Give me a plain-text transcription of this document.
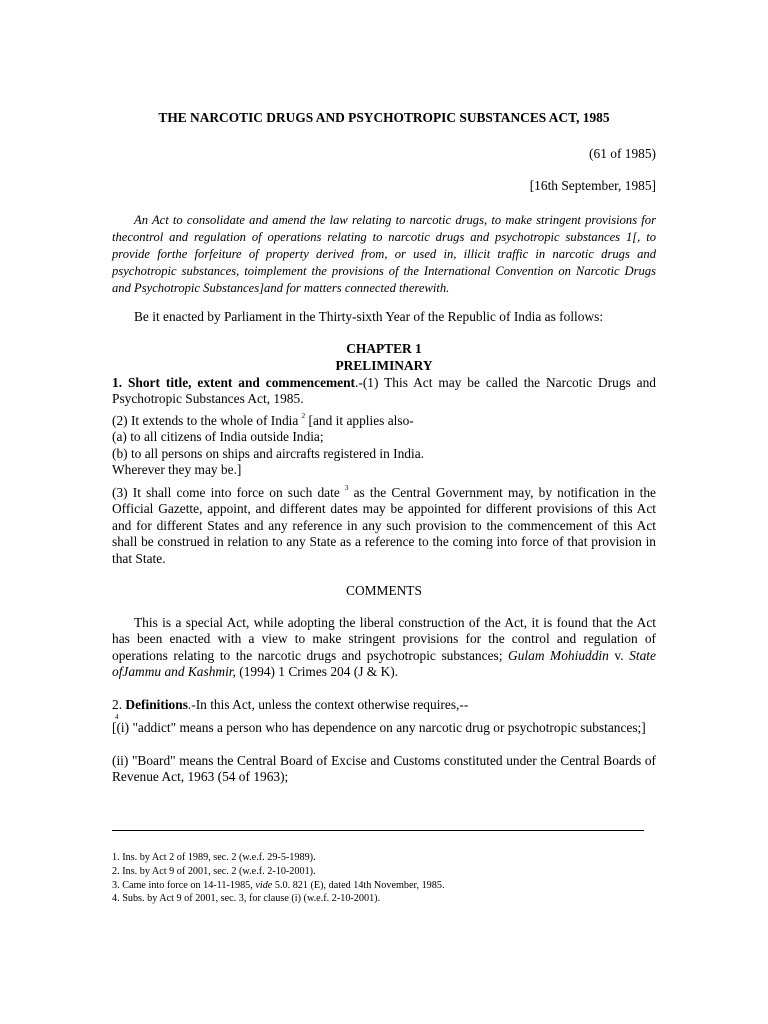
THE NARCOTIC DRUGS AND PSYCHOTROPIC SUBSTANCES ACT, 1985
(61 of 1985)
[16th September, 1985]
An Act to consolidate and amend the law relating to narcotic drugs, to make stringent provisions for thecontrol and regulation of operations relating to narcotic drugs and psychotropic substances 1[, to provide forthe forfeiture of property derived from, or used in, illicit traffic in narcotic drugs and psychotropic substances, toimplement the provisions of the International Convention on Narcotic Drugs and Psychotropic Substances]and for matters connected therewith.
Be it enacted by Parliament in the Thirty-sixth Year of the Republic of India as follows:
CHAPTER 1
PRELIMINARY
1. Short title, extent and commencement.-(1) This Act may be called the Narcotic Drugs and Psychotropic Substances Act, 1985.
(2) It extends to the whole of India $^2$ [and it applies also-
(a) to all citizens of India outside India;
(b) to all persons on ships and aircrafts registered in India.
Wherever they may be.]
(3) It shall come into force on such date $^3$ as the Central Government may, by notification in the Official Gazette, appoint, and different dates may be appointed for different provisions of this Act and for different States and any reference in any such provision to the commencement of this Act shall be construed in relation to any State as a reference to the coming into force of that provision in that State.
COMMENTS
This is a special Act, while adopting the liberal construction of the Act, it is found that the Act has been enacted with a view to make stringent provisions for the control and regulation of operations relating to the narcotic drugs and psychotropic substances; Gulam Mohiuddin v. State ofJammu and Kashmir, (1994) 1 Crimes 204 (J & K).
2. Definitions.-In this Act, unless the context otherwise requires,--
4
[(i) "addict" means a person who has dependence on any narcotic drug or psychotropic substances;]
(ii) "Board" means the Central Board of Excise and Customs constituted under the Central Boards of Revenue Act, 1963 (54 of 1963);
1. Ins. by Act 2 of 1989, sec. 2 (w.e.f. 29-5-1989).
2. Ins. by Act 9 of 2001, sec. 2 (w.e.f. 2-10-2001).
3. Came into force on 14-11-1985, vide 5.0. 821 (E), dated 14th November, 1985.
4. Subs. by Act 9 of 2001, sec. 3, for clause (i) (w.e.f. 2-10-2001).
